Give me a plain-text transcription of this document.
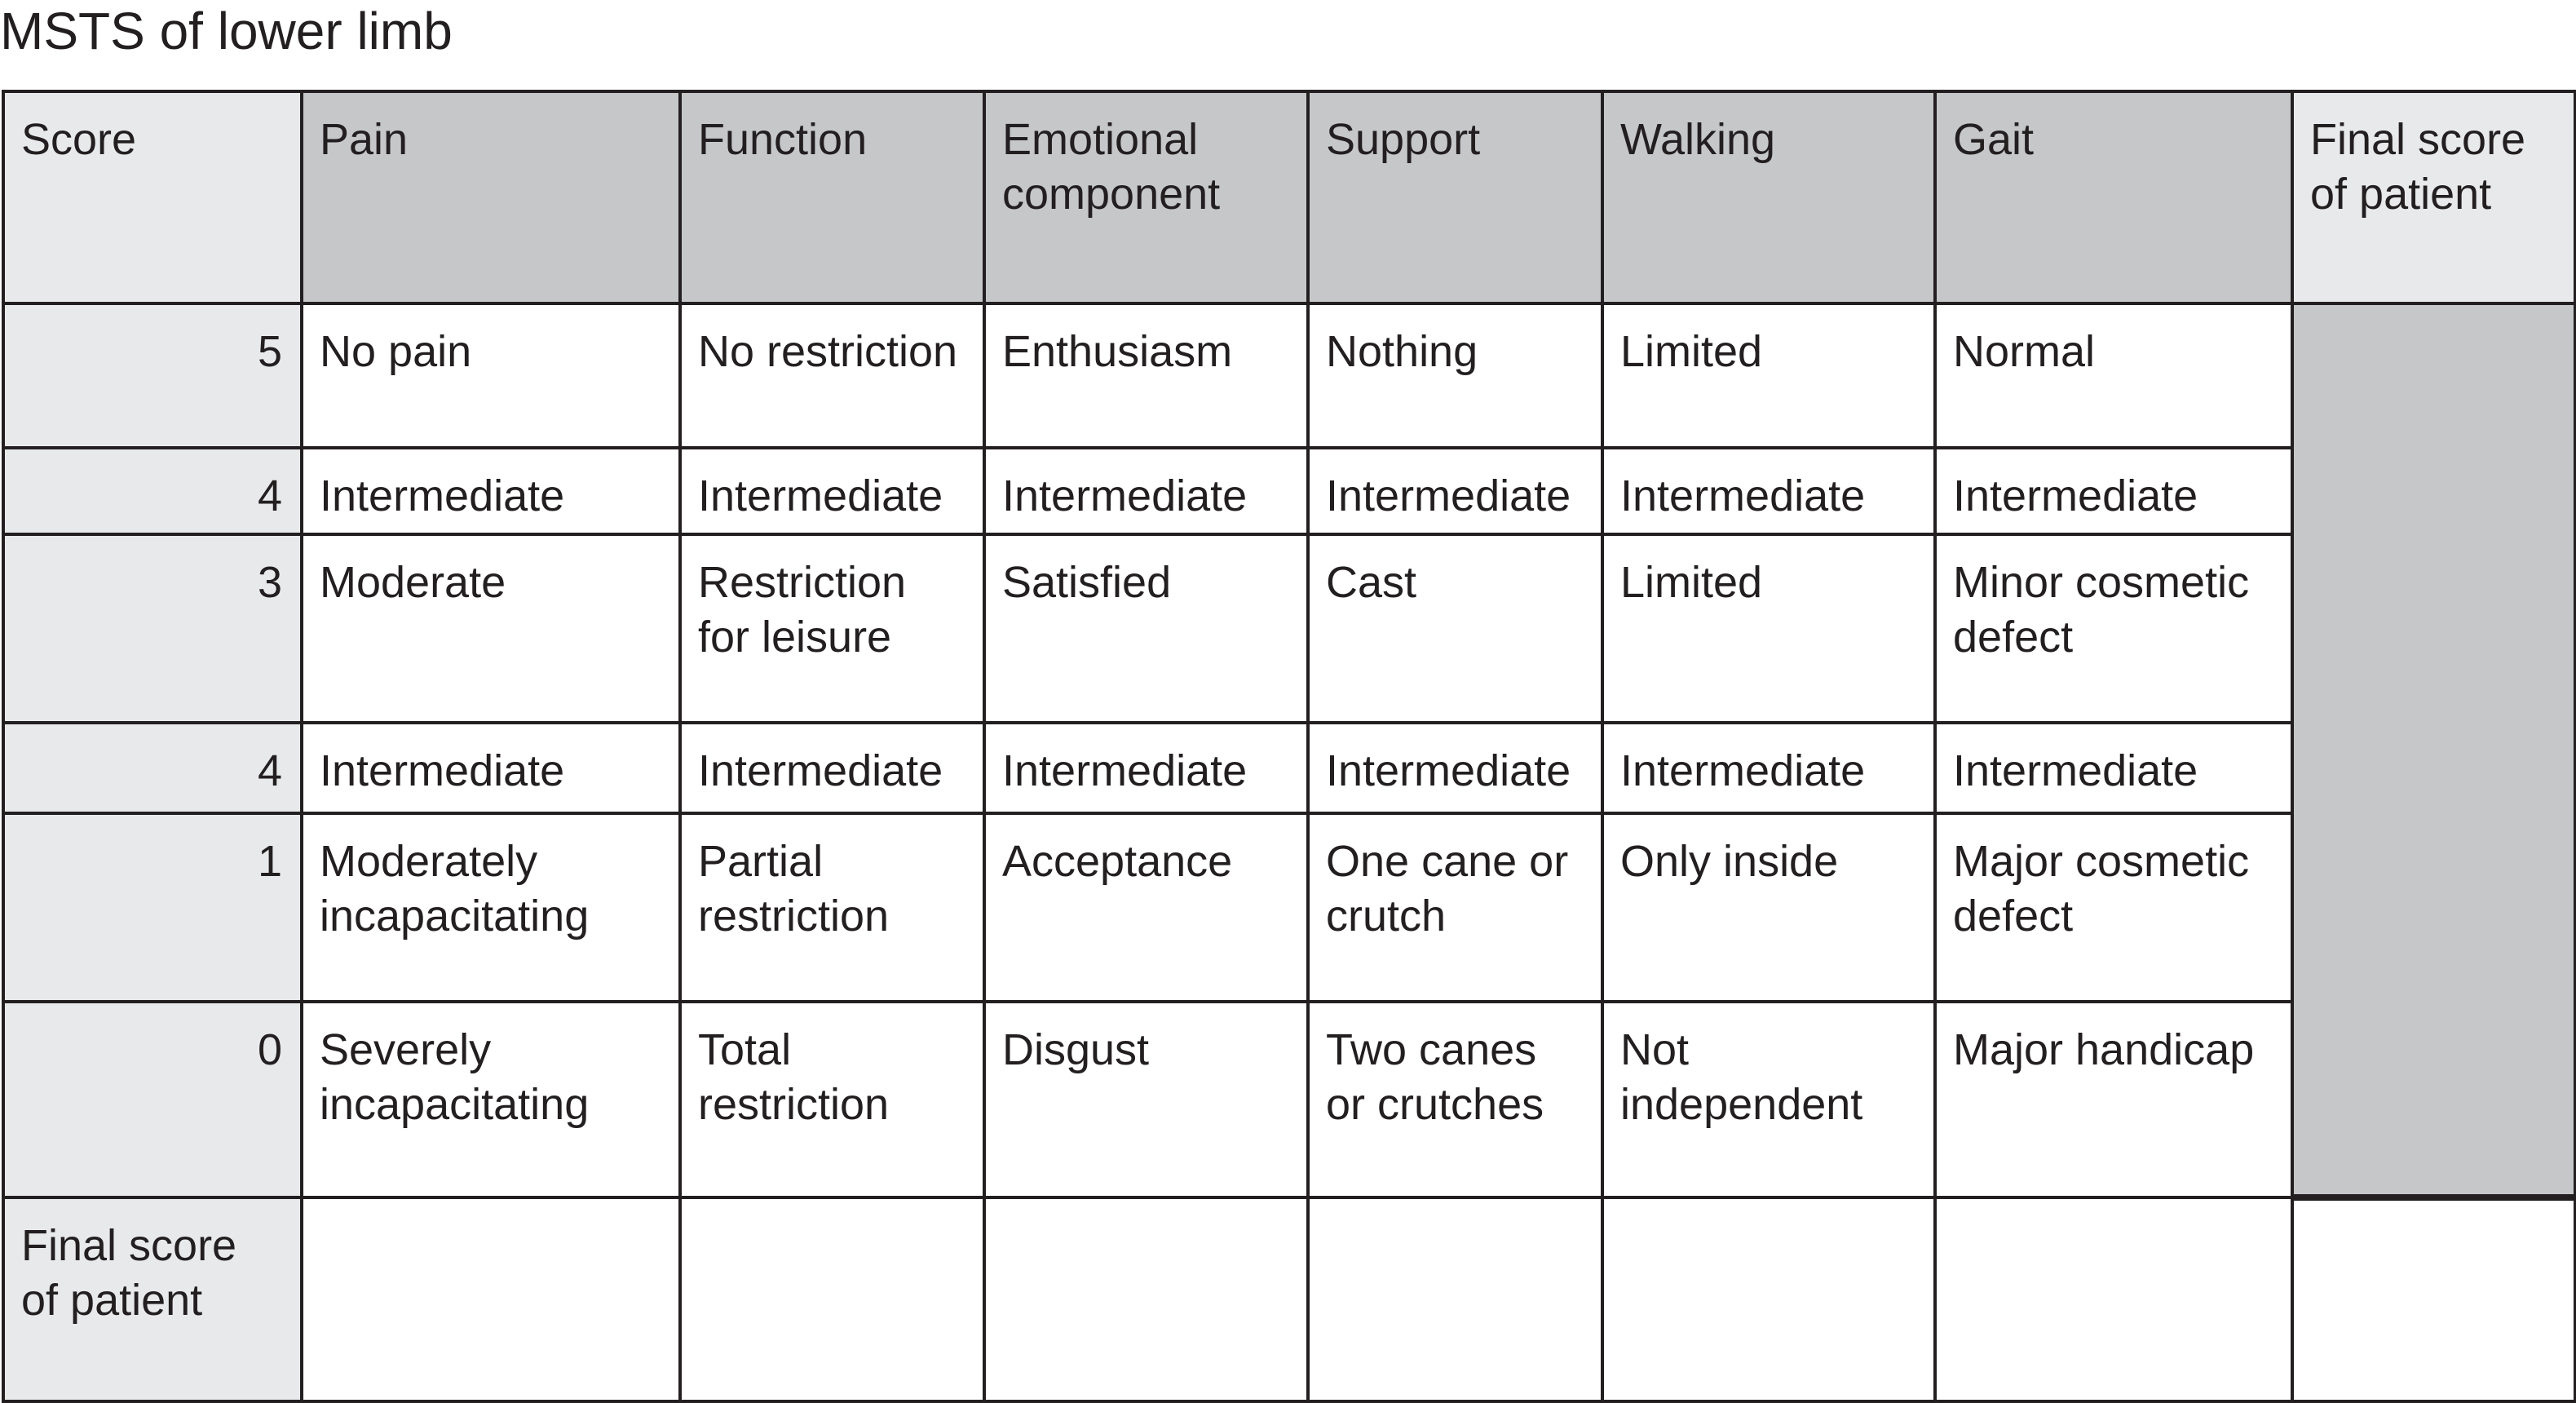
MSTS of lower limb
Score	Pain	Function	Emotional component	Support	Walking	Gait	Final score of patient
5	No pain	No restriction	Enthusiasm	Nothing	Limited	Normal	
4	Intermediate	Intermediate	Intermediate	Intermediate	Intermediate	Intermediate	
3	Moderate	Restriction for leisure	Satisfied	Cast	Limited	Minor cosmetic defect	
4	Intermediate	Intermediate	Intermediate	Intermediate	Intermediate	Intermediate	
1	Moderately incapacitating	Partial restriction	Acceptance	One cane or crutch	Only inside	Major cosmetic defect	
0	Severely incapacitating	Total restriction	Disgust	Two canes or crutches	Not independent	Major handicap	
Final score of patient							
